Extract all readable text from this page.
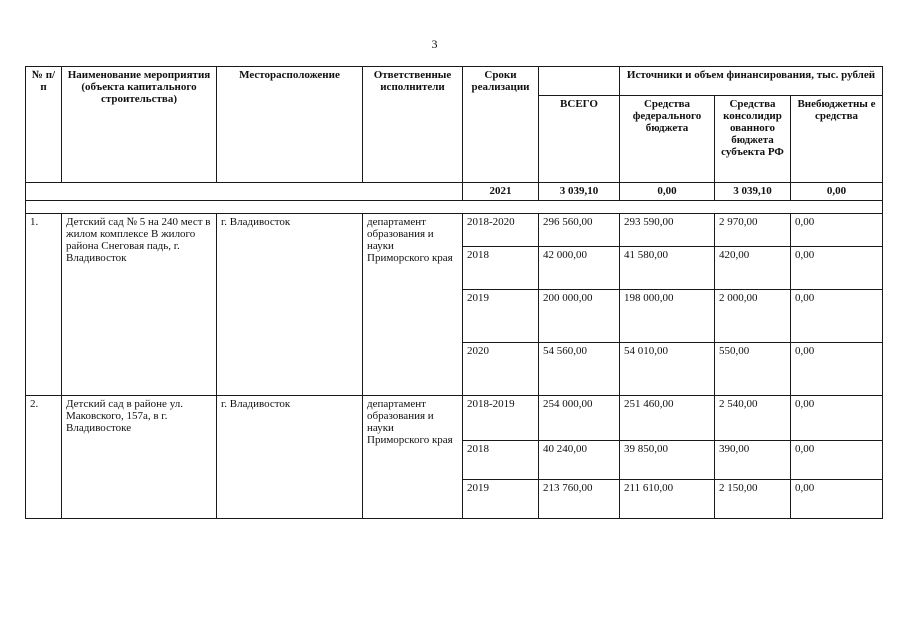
3
№ п/п	Наименование мероприятия (объекта капитального строительства)	Месторасположение	Ответственные исполнители	Сроки реализации		Источники и объем финансирования, тыс. рублей		
					ВСЕГО	Средства федерального бюджета	Средства консолидир ованного бюджета субъекта РФ	Внебюджетны е средства
				2021	3 039,10	0,00	3 039,10	0,00

1.	Детский сад № 5 на 240 мест в жилом комплексе В жилого района Снеговая падь, г. Владивосток	г. Владивосток	департамент образования и науки Приморского края	2018-2020	296 560,00	293 590,00	2 970,00	0,00
				2018	42 000,00	41 580,00	420,00	0,00
				2019	200 000,00	198 000,00	2 000,00	0,00
				2020	54 560,00	54 010,00	550,00	0,00
2.	Детский сад в районе ул. Маковского, 157а, в г. Владивостоке	г. Владивосток	департамент образования и науки Приморского края	2018-2019	254 000,00	251 460,00	2 540,00	0,00
				2018	40 240,00	39 850,00	390,00	0,00
				2019	213 760,00	211 610,00	2 150,00	0,00
